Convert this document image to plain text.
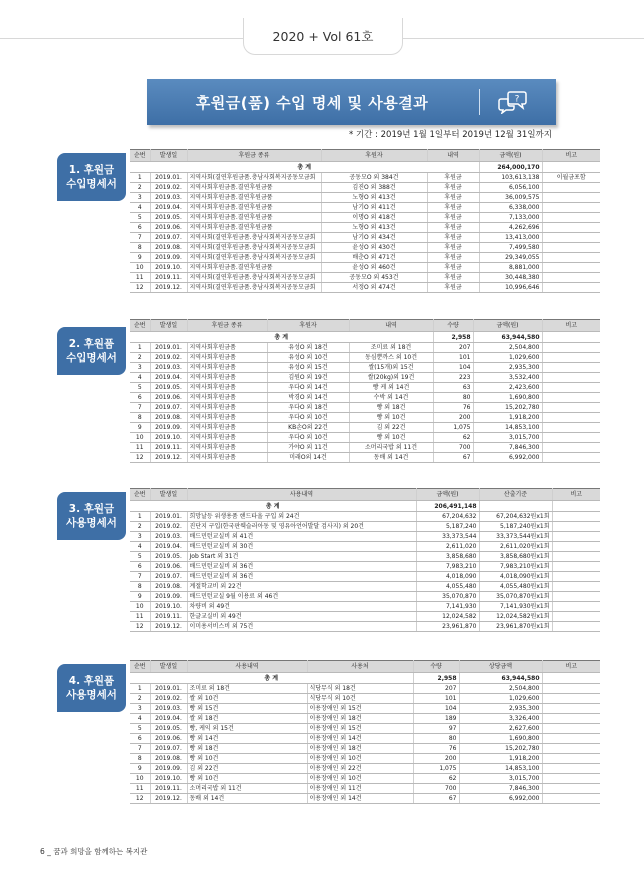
2020 + Vol 61호
후원금(품) 수입 명세 및 사용결과	?
* 기간 : 2019년 1월 1일부터 2019년 12월 31일까지
1. 후원금
수입명세서
순번	발생일	후원금 종류	후원자	내역	금액(원)	비고
총 계					264,000,170	
1	2019.01.	지역사회(결연후원금품.충남사회복지공동모금회	공동모O 외 384건	후원금	103,613,138	이월금포함
2	2019.02.	지역사회후원금품.결연후원금품	김진O 외 388건	후원금	6,056,100	
3	2019.03.	지역사회후원금품.결연후원금품	노형O 외 413건	후원금	36,009,575	
4	2019.04.	지역사회후원금품.결연후원금품	남기O 외 411건	후원금	6,338,000	
5	2019.05.	지역사회후원금품.결연후원금품	이명O 외 418건	후원금	7,133,000	
6	2019.06.	지역사회후원금품.결연후원금품	노형O 외 413건	후원금	4,262,696	
7	2019.07.	지역사회(결연후원금품.충남사회복지공동모금회	남기O 외 434건	후원금	13,413,000	
8	2019.08.	지역사회(결연후원금품.충남사회복지공동모금회	윤성O 외 430건	후원금	7,499,580	
9	2019.09.	지역사회(결연후원금품.충남사회복지공동모금회	배춘O 외 471건	후원금	29,349,055	
10	2019.10.	지역사회후원금품.결연후원금품	윤성O 외 460건	후원금	8,881,000	
11	2019.11.	지역사회(결연후원금품.충남사회복지공동모금회	공동모O 외 453건	후원금	30,448,380	
12	2019.12.	지역사회(결연후원금품.충남사회복지공동모금회	서정O 외 474건	후원금	10,996,646	
2. 후원품
수입명세서
순번	발생일	후원금 종류	후원자	내역	수량	금액(원)	비고
총 계					2,958	63,944,580	
1	2019.01.	지역사회후원금품	유성O 외 18건	조미료 외 18건	207	2,504,800	
2	2019.02.	지역사회후원금품	유성O 외 10건	동심뿐까스 외 10건	101	1,029,600	
3	2019.03.	지역사회후원금품	유성O 외 15건	쌀(15개)외 15건	104	2,935,300	
4	2019.04.	지역사회후원금품	김원O 외 19건	쌀(20kg)외 19건	223	3,532,400	
5	2019.05.	지역사회후원금품	우다O 외 14건	빵 케 외 14건	63	2,423,600	
6	2019.06.	지역사회후원금품	박경O 외 14건	수박 외 14건	80	1,690,800	
7	2019.07.	지역사회후원금품	우다O 외 18건	빵 외 18건	76	15,202,780	
8	2019.08.	지역사회후원금품	우다O 외 10건	빵 외 10건	200	1,918,200	
9	2019.09.	지역사회후원금품	KB손O외 22건	김 외 22건	1,075	14,853,100	
10	2019.10.	지역사회후원금품	우다O 외 10건	빵 외 10건	62	3,015,700	
11	2019.11.	지역사회후원금품	가야O 외 11건	소머리국밥 외 11건	700	7,846,300	
12	2019.12.	지역사회후원금품	미래O외 14건	동배 외 14건	67	6,992,000	
3. 후원금
사용명세서
순번	발생일	사용내역	금액(원)	산출기준	비고
총 계			206,491,148		
1	2019.01.	희망날등 위생용품 핸드타올 구입 외 24건	67,204,632	67,204,632원x1회	
2	2019.02.	진단지 구입(한국판웩슬러아동 및 영유아언어발달 검사지) 외 20건	5,187,240	5,187,240원x1회	
3	2019.03.	배드민턴교실비 외 41건	33,373,544	33,373,544원x1회	
4	2019.04.	배드민턴교실비 외 30건	2,611,020	2,611,020원x1회	
5	2019.05.	Job Start 외 31건	3,858,680	3,858,680원x1회	
6	2019.06.	배드민턴교실비 외 36건	7,983,210	7,983,210원x1회	
7	2019.07.	배드민턴교실비 외 36건	4,018,090	4,018,090원x1회	
8	2019.08.	계절학교비 외 22건	4,055,480	4,055,480원x1회	
9	2019.09.	배드민턴교실 9월 이용료 외 46건	35,070,870	35,070,870원x1회	
10	2019.10.	차량비 외 49건	7,141,930	7,141,930원x1회	
11	2019.11.	한글교실비 외 49건	12,024,582	12,024,582원x1회	
12	2019.12.	이미용서비스비 외 75건	23,961,870	23,961,870원x1회	
4. 후원품
사용명세서
순번	발생일	사용내역	사용처	수량	상당금액	비고
총 계				2,958	63,944,580	
1	2019.01.	조미료 외 18건	식당무식 외 18건	207	2,504,800	
2	2019.02.	쌀 외 10건	식당무식 외 10건	101	1,029,600	
3	2019.03.	빵 외 15건	이용장애인 외 15건	104	2,935,300	
4	2019.04.	쌀 외 18건	이용장애인 외 18건	189	3,326,400	
5	2019.05.	빵, 케익 외 15건	이용장애인 외 15건	97	2,627,600	
6	2019.06.	빵 외 14건	이용장애인 외 14건	80	1,690,800	
7	2019.07.	빵 외 18건	이용장애인 외 18건	76	15,202,780	
8	2019.08.	빵 외 10건	이용장애인 외 10건	200	1,918,200	
9	2019.09.	김 외 22건	이용장애인 외 22건	1,075	14,853,100	
10	2019.10.	빵 외 10건	이용장애인 외 10건	62	3,015,700	
11	2019.11.	소머리국밥 외 11건	이용장애인 외 11건	700	7,846,300	
12	2019.12.	동배 외 14건	이용장애인 외 14건	67	6,992,000	
6 _ 꿈과 희망을 함께하는 복지관
